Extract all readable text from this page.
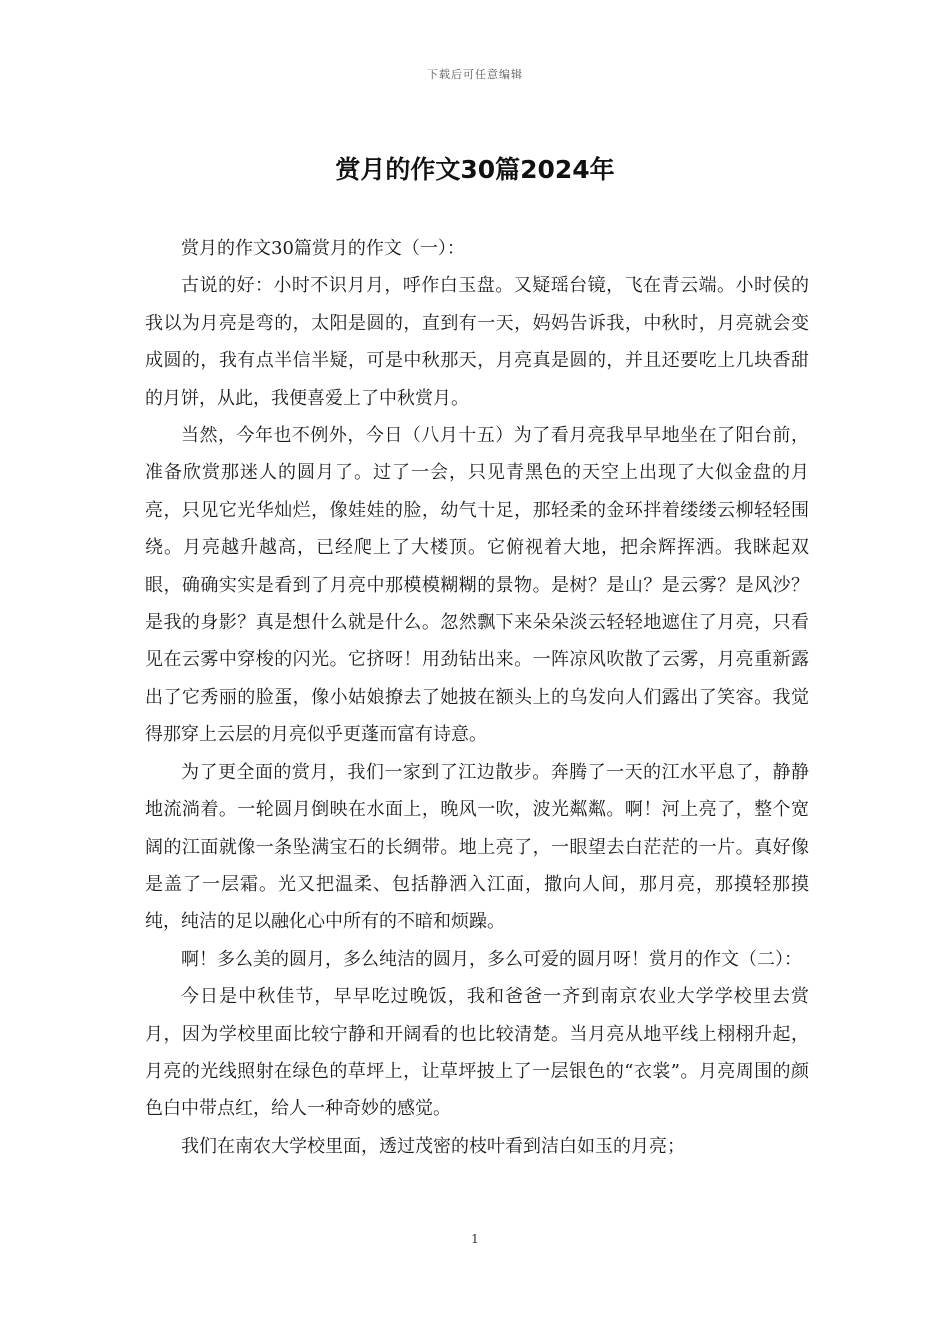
下载后可任意编辑
赏月的作文30篇2024年

赏月的作文30篇赏月的作文（一）：

古说的好：小时不识月月，呼作白玉盘。又疑瑶台镜，飞在青云端。小时侯的我以为月亮是弯的，太阳是圆的，直到有一天，妈妈告诉我，中秋时，月亮就会变成圆的，我有点半信半疑，可是中秋那天，月亮真是圆的，并且还要吃上几块香甜的月饼，从此，我便喜爱上了中秋赏月。

当然，今年也不例外，今日（八月十五）为了看月亮我早早地坐在了阳台前，准备欣赏那迷人的圆月了。过了一会，只见青黑色的天空上出现了大似金盘的月亮，只见它光华灿烂，像娃娃的脸，幼气十足，那轻柔的金环拌着缕缕云柳轻轻围绕。月亮越升越高，已经爬上了大楼顶。它俯视着大地，把余辉挥洒。我眯起双眼，确确实实是看到了月亮中那模模糊糊的景物。是树？是山？是云雾？是风沙？是我的身影？真是想什么就是什么。忽然飘下来朵朵淡云轻轻地遮住了月亮，只看见在云雾中穿梭的闪光。它挤呀！用劲钻出来。一阵凉风吹散了云雾，月亮重新露出了它秀丽的脸蛋，像小姑娘撩去了她披在额头上的乌发向人们露出了笑容。我觉得那穿上云层的月亮似乎更蓬而富有诗意。

为了更全面的赏月，我们一家到了江边散步。奔腾了一天的江水平息了，静静地流淌着。一轮圆月倒映在水面上，晚风一吹，波光粼粼。啊！河上亮了，整个宽阔的江面就像一条坠满宝石的长绸带。地上亮了，一眼望去白茫茫的一片。真好像是盖了一层霜。光又把温柔、包括静洒入江面，撒向人间，那月亮，那摸轻那摸纯，纯洁的足以融化心中所有的不暗和烦躁。

啊！多么美的圆月，多么纯洁的圆月，多么可爱的圆月呀！赏月的作文（二）：

今日是中秋佳节，早早吃过晚饭，我和爸爸一齐到南京农业大学学校里去赏月，因为学校里面比较宁静和开阔看的也比较清楚。当月亮从地平线上栩栩升起，月亮的光线照射在绿色的草坪上，让草坪披上了一层银色的“衣裳”。月亮周围的颜色白中带点红，给人一种奇妙的感觉。

我们在南农大学校里面，透过茂密的枝叶看到洁白如玉的月亮；

1
